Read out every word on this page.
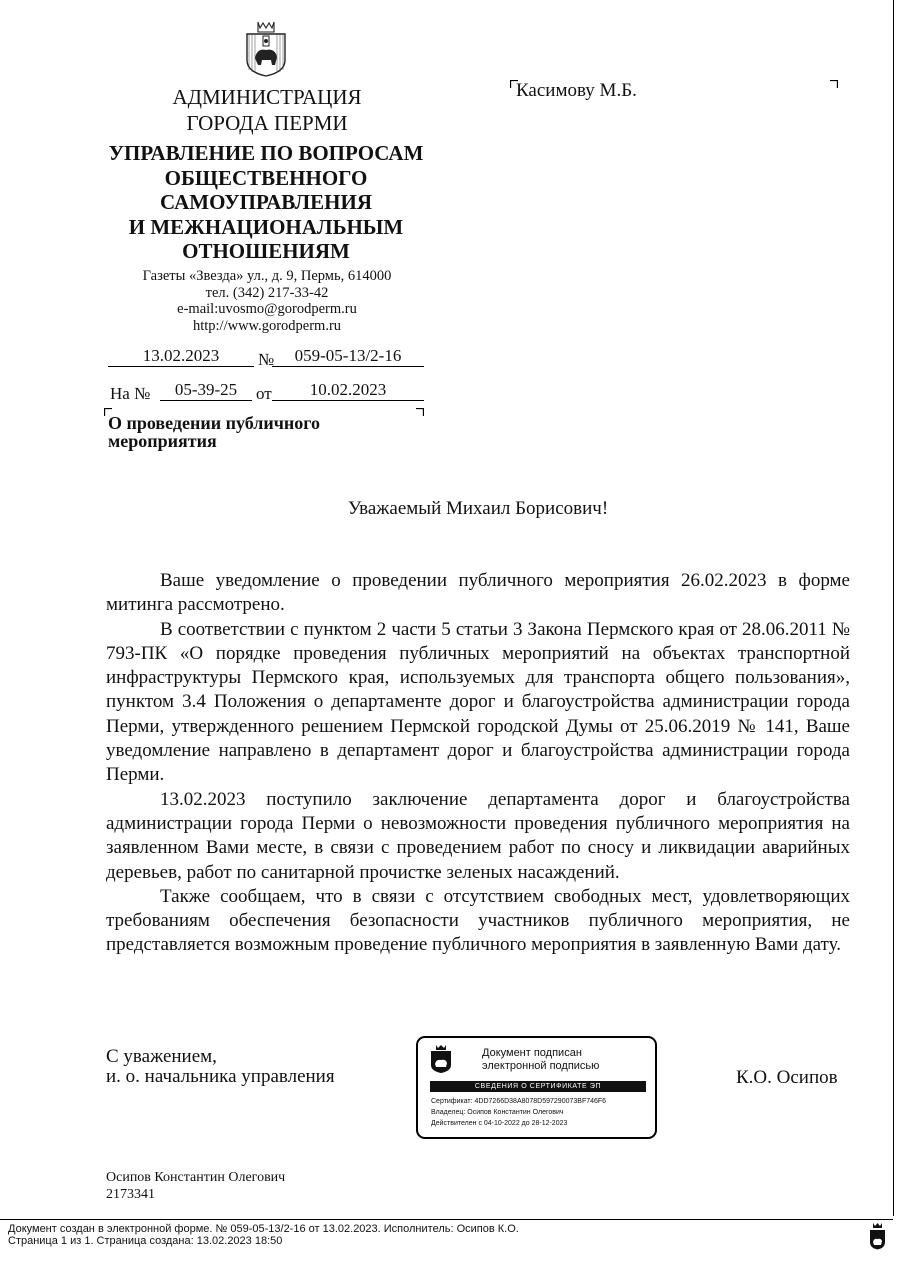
АДМИНИСТРАЦИЯ
ГОРОДА ПЕРМИ
УПРАВЛЕНИЕ ПО ВОПРОСАМ
ОБЩЕСТВЕННОГО
САМОУПРАВЛЕНИЯ
И МЕЖНАЦИОНАЛЬНЫМ
ОТНОШЕНИЯМ
Газеты «Звезда» ул., д. 9, Пермь, 614000
тел. (342) 217-33-42
e-mail:uvosmo@gorodperm.ru
http://www.gorodperm.ru
13.02.2023	№	059-05-13/2-16
На №	05-39-25	от	10.02.2023
О проведении публичного
мероприятия
Касимову М.Б.
Уважаемый Михаил Борисович!

Ваше уведомление о проведении публичного мероприятия 26.02.2023 в форме митинга рассмотрено.

В соответствии с пунктом 2 части 5 статьи 3 Закона Пермского края от 28.06.2011 № 793-ПК «О порядке проведения публичных мероприятий на объектах транспортной инфраструктуры Пермского края, используемых для транспорта общего пользования», пунктом 3.4 Положения о департаменте дорог и благоустройства администрации города Перми, утвержденного решением Пермской городской Думы от 25.06.2019 № 141, Ваше уведомление направлено в департамент дорог и благоустройства администрации города Перми.

13.02.2023 поступило заключение департамента дорог и благоустройства администрации города Перми о невозможности проведения публичного мероприятия на заявленном Вами месте, в связи с проведением работ по сносу и ликвидации аварийных деревьев, работ по санитарной прочистке зеленых насаждений.

Также сообщаем, что в связи с отсутствием свободных мест, удовлетворяющих требованиям обеспечения безопасности участников публичного мероприятия, не представляется возможным проведение публичного мероприятия в заявленную Вами дату.

С уважением,
и. о. начальника управления	К.О. Осипов
Документ подписан
электронной подписью
СВЕДЕНИЯ О СЕРТИФИКАТЕ ЭП
Сертификат: 4DD7266D38A8078D597290073BF746F6
Владелец: Осипов Константин Олегович
Действителен с 04-10-2022 до 28-12-2023
Осипов Константин Олегович
2173341
Документ создан в электронной форме. № 059-05-13/2-16 от 13.02.2023. Исполнитель: Осипов К.О.
Страница 1 из 1. Страница создана: 13.02.2023 18:50
